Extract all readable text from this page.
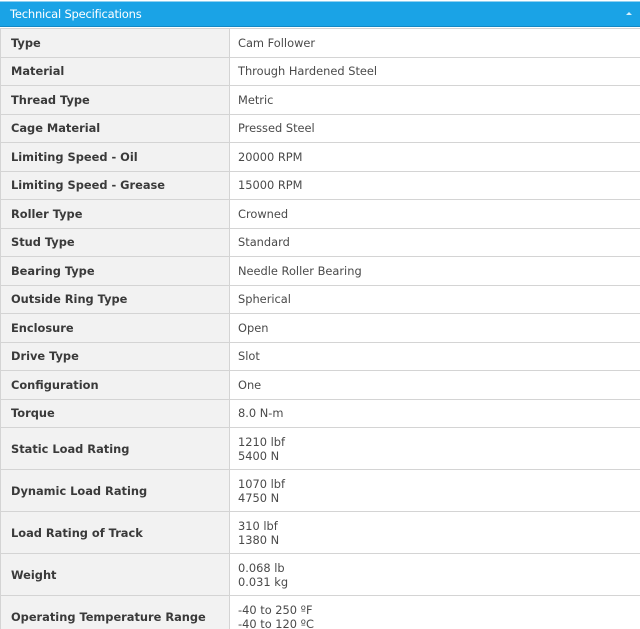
Technical Specifications
Type	Cam Follower

Material	Through Hardened Steel

Thread Type	Metric

Cage Material	Pressed Steel

Limiting Speed - Oil	20000 RPM

Limiting Speed - Grease	15000 RPM

Roller Type	Crowned

Stud Type	Standard

Bearing Type	Needle Roller Bearing

Outside Ring Type	Spherical

Enclosure	Open

Drive Type	Slot

Configuration	One

Torque	8.0 N-m

Static Load Rating	1210 lbf
5400 N

Dynamic Load Rating	1070 lbf
4750 N

Load Rating of Track	310 lbf
1380 N

Weight	0.068 lb
0.031 kg

Operating Temperature Range	-40 to 250 ºF
-40 to 120 ºC
